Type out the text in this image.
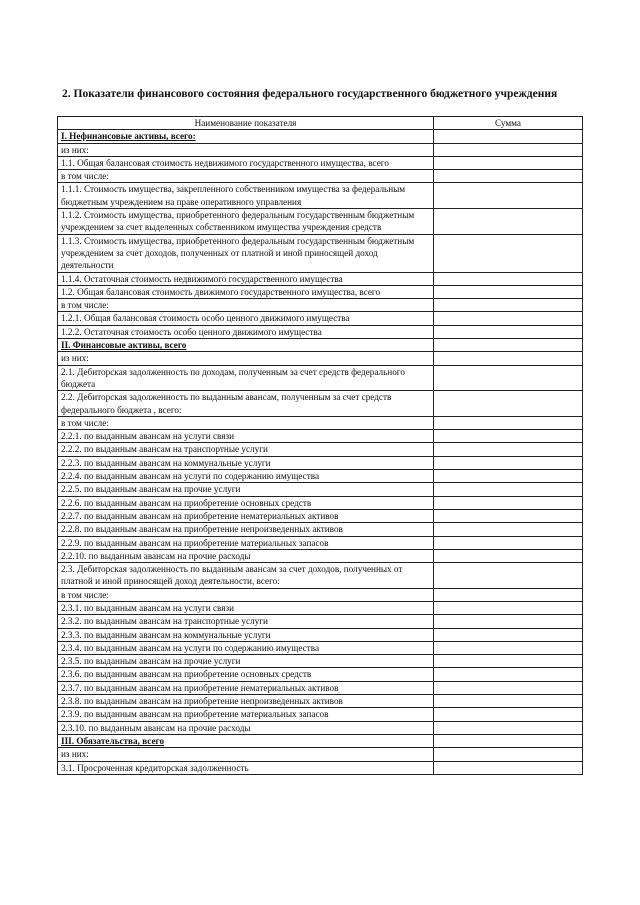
2. Показатели финансового состояния федерального государственного бюджетного учреждения
Наименование показателя	Сумма
I. Нефинансовые активы, всего:	
из них:	
1.1. Общая балансовая стоимость недвижимого государственного имущества, всего	
в том числе:	
1.1.1. Стоимость имущества, закрепленного собственником имущества за федеральным бюджетным учреждением на праве оперативного управления	
1.1.2. Стоимость имущества, приобретенного федеральным государственным бюджетным учреждением за счет выделенных собственником имущества учреждения средств	
1.1.3. Стоимость имущества, приобретенного федеральным государственным бюджетным учреждением за счет доходов, полученных от платной и иной приносящей доход деятельности	
1.1.4. Остаточная стоимость недвижимого государственного имущества	
1.2. Общая балансовая стоимость движимого государственного имущества, всего	
в том числе:	
1.2.1. Общая балансовая стоимость особо ценного движимого имущества	
1.2.2. Остаточная стоимость особо ценного движимого имущества	
II. Финансовые активы, всего	
из них:	
2.1. Дебиторская задолженность по доходам, полученным за счет средств федерального бюджета	
2.2. Дебиторская задолженность по выданным авансам, полученным за счет средств федерального бюджета , всего:	
в том числе:	
2.2.1. по выданным авансам на услуги связи	
2.2.2. по выданным авансам на транспортные услуги	
2.2.3. по выданным авансам на коммунальные услуги	
2.2.4. по выданным авансам на услуги по содержанию имущества	
2.2.5. по выданным авансам на прочие услуги	
2.2.6. по выданным авансам на приобретение основных средств	
2.2.7. по выданным авансам на приобретение нематериальных активов	
2.2.8. по выданным авансам на приобретение непроизведенных активов	
2.2.9. по выданным авансам на приобретение материальных запасов	
2.2.10. по выданным авансам на прочие расходы	
2.3. Дебиторская задолженность по выданным авансам за счет доходов, полученных от платной и иной приносящей доход деятельности, всего:	
в том числе:	
2.3.1. по выданным авансам на услуги связи	
2.3.2. по выданным авансам на транспортные услуги	
2.3.3. по выданным авансам на коммунальные услуги	
2.3.4. по выданным авансам на услуги по содержанию имущества	
2.3.5. по выданным авансам на прочие услуги	
2.3.6. по выданным авансам на приобретение основных средств	
2.3.7. по выданным авансам на приобретение нематериальных активов	
2.3.8. по выданным авансам на приобретение непроизведенных активов	
2.3.9. по выданным авансам на приобретение материальных запасов	
2.3.10. по выданным авансам на прочие расходы	
III. Обязательства, всего	
из них:	
3.1. Просроченная кредиторская задолженность	
